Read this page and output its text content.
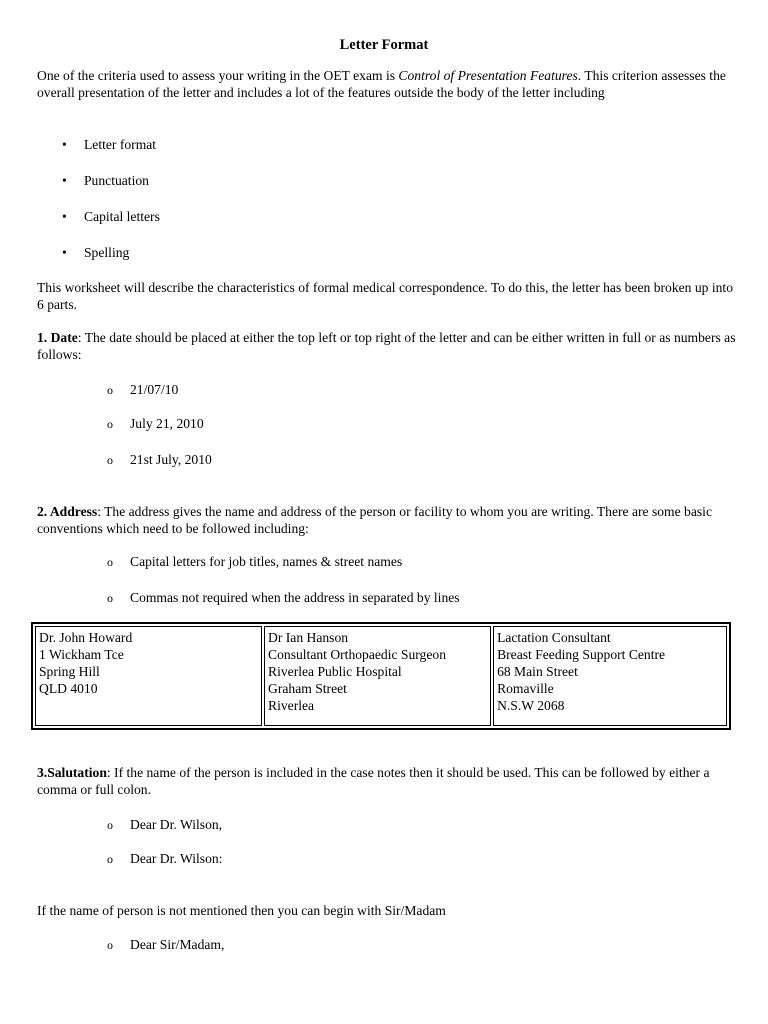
Letter Format
One of the criteria used to assess your writing in the OET exam is Control of Presentation Features. This criterion assesses the overall presentation of the letter and includes a lot of the features outside the body of the letter including
• Letter format
• Punctuation
• Capital letters
• Spelling
This worksheet will describe the characteristics of formal medical correspondence. To do this, the letter has been broken up into 6 parts.
1. Date: The date should be placed at either the top left or top right of the letter and can be either written in full or as numbers as follows:
o 21/07/10
o July 21, 2010
o 21st July, 2010
2. Address: The address gives the name and address of the person or facility to whom you are writing. There are some basic conventions which need to be followed including:
o Capital letters for job titles, names & street names
o Commas not required when the address in separated by lines
Dr. John Howard
1 Wickham Tce
Spring Hill
QLD 4010

Dr Ian Hanson
Consultant Orthopaedic Surgeon
Riverlea Public Hospital
Graham Street
Riverlea

Lactation Consultant
Breast Feeding Support Centre
68 Main Street
Romaville
N.S.W 2068
3.Salutation: If the name of the person is included in the case notes then it should be used. This can be followed by either a comma or full colon.
o Dear Dr. Wilson,
o Dear Dr. Wilson:
If the name of person is not mentioned then you can begin with Sir/Madam
o Dear Sir/Madam,
